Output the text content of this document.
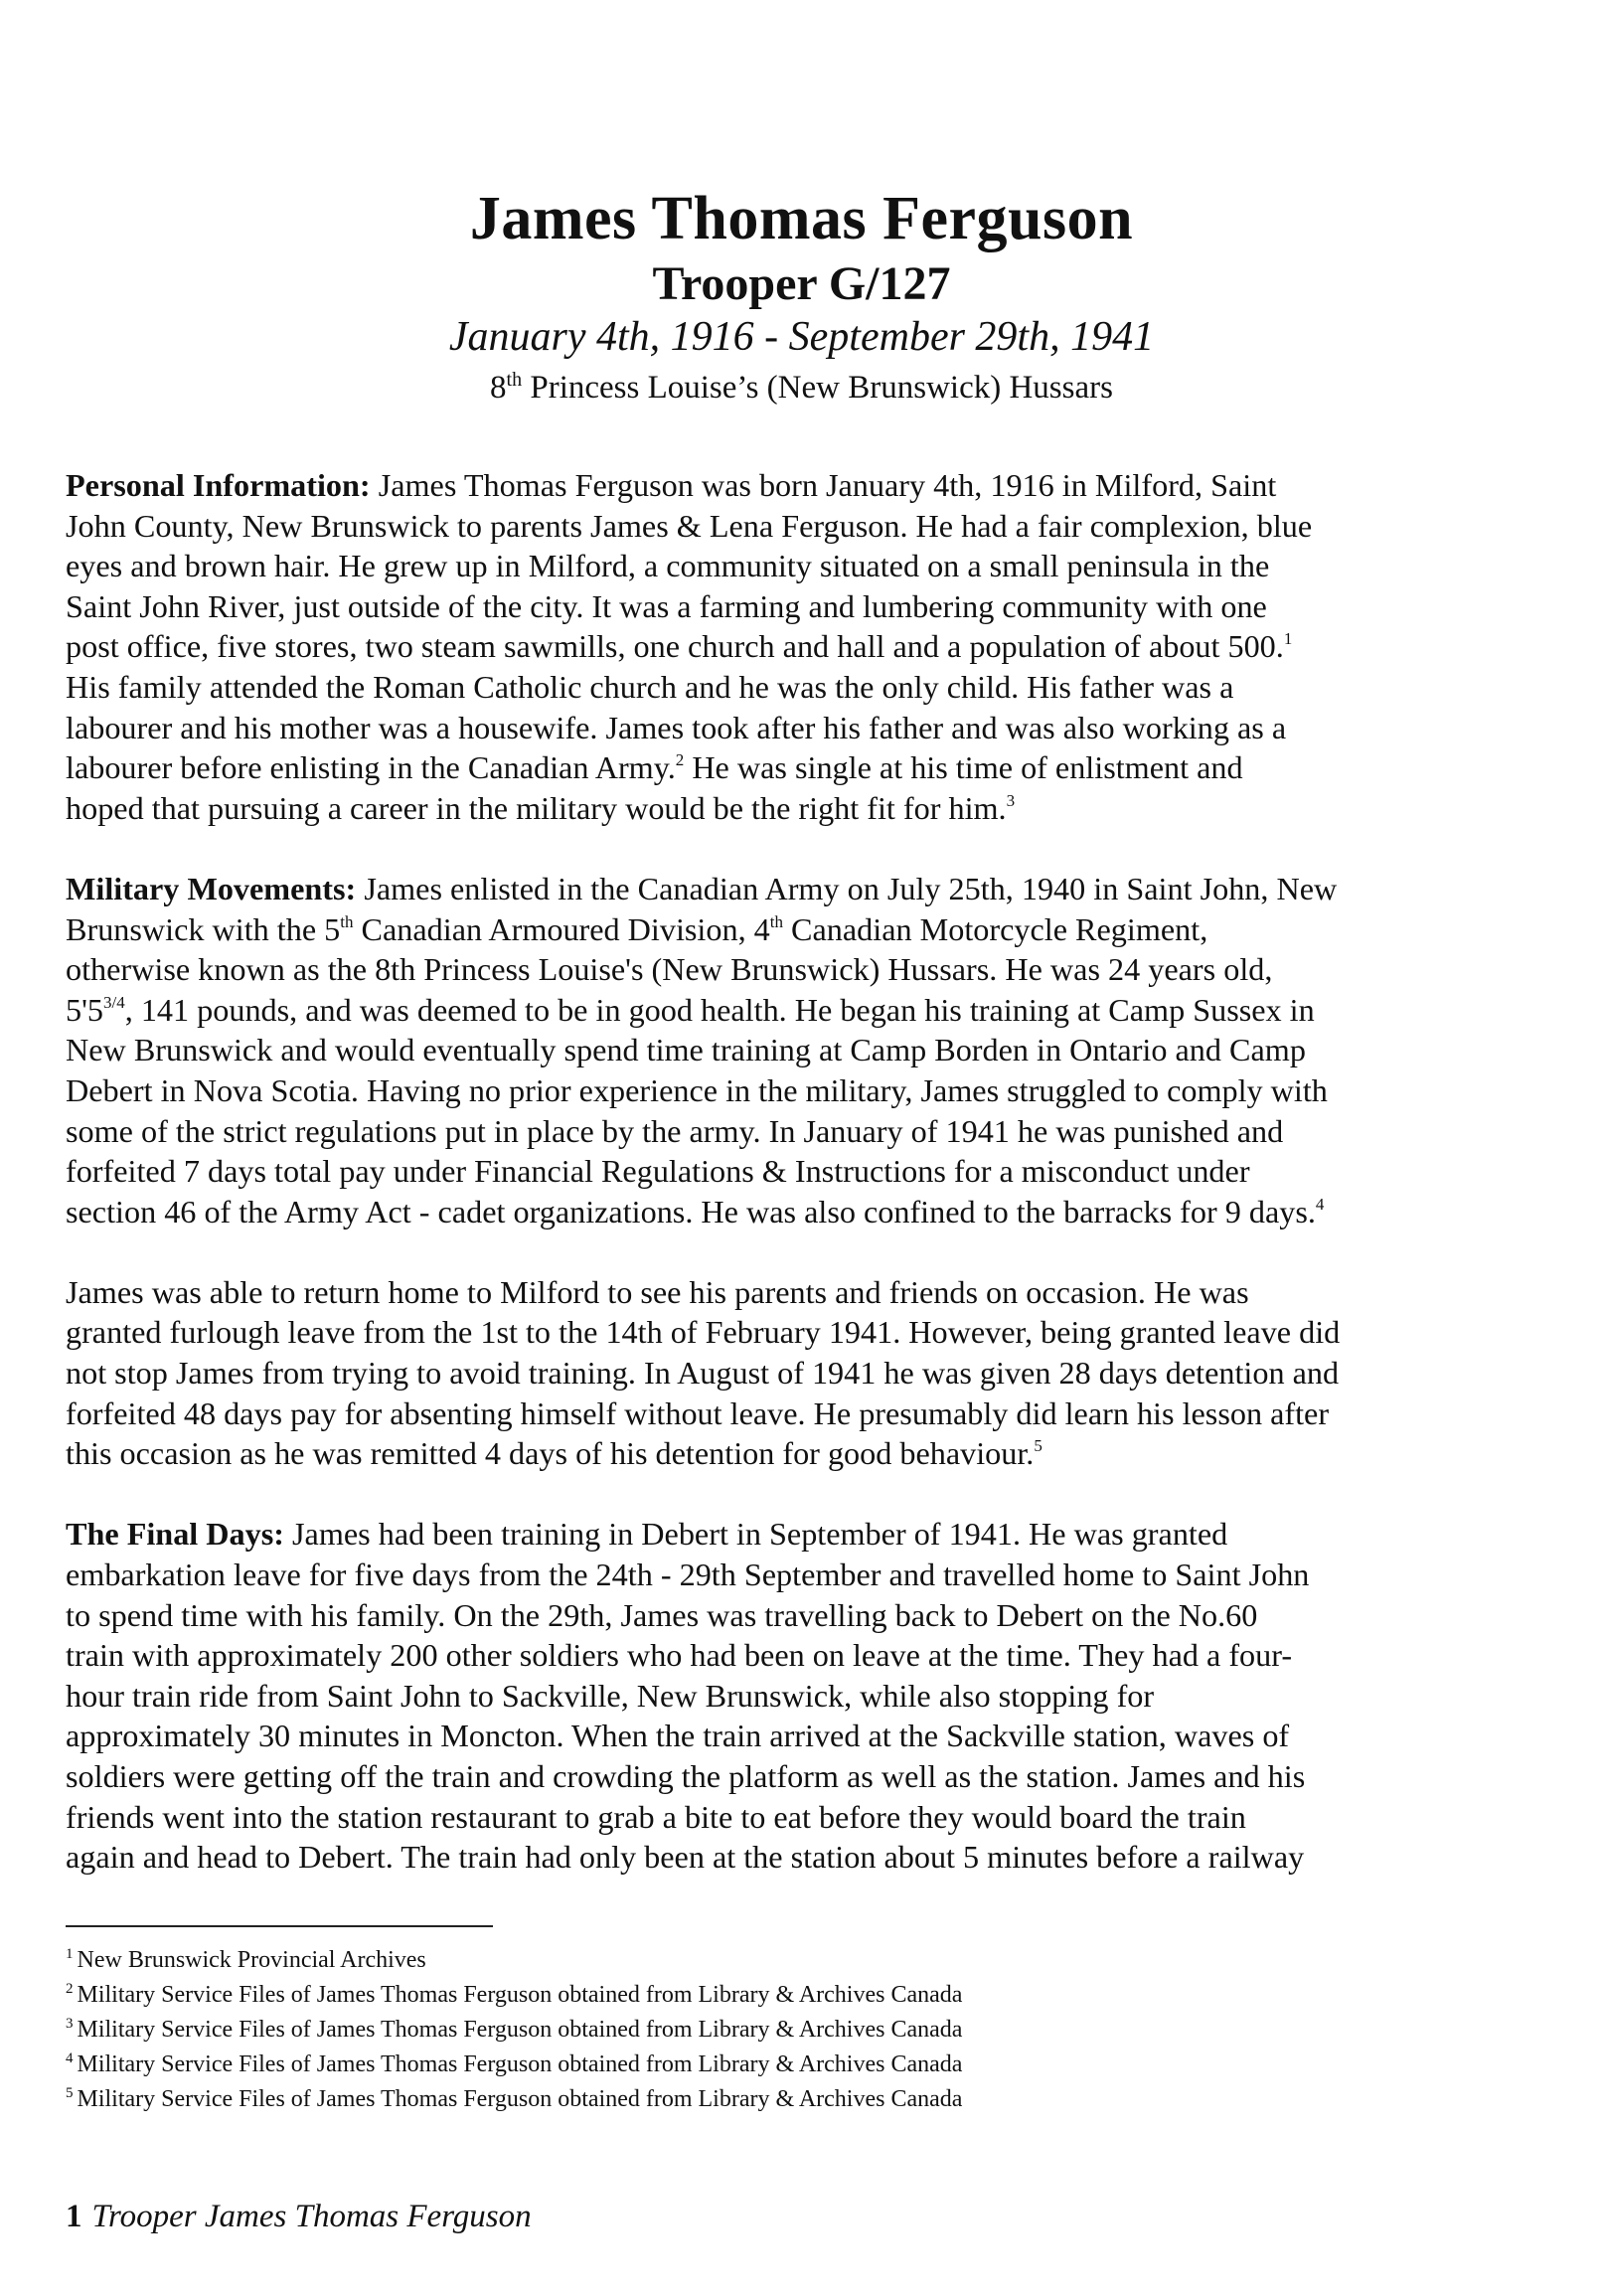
James Thomas Ferguson
Trooper G/127
January 4th, 1916 - September 29th, 1941
8th Princess Louise’s (New Brunswick) Hussars

Personal Information: James Thomas Ferguson was born January 4th, 1916 in Milford, Saint
John County, New Brunswick to parents James & Lena Ferguson. He had a fair complexion, blue
eyes and brown hair. He grew up in Milford, a community situated on a small peninsula in the
Saint John River, just outside of the city. It was a farming and lumbering community with one
post office, five stores, two steam sawmills, one church and hall and a population of about 500.$^1$
His family attended the Roman Catholic church and he was the only child. His father was a
labourer and his mother was a housewife. James took after his father and was also working as a
labourer before enlisting in the Canadian Army.$^2$ He was single at his time of enlistment and
hoped that pursuing a career in the military would be the right fit for him.$^3$

Military Movements: James enlisted in the Canadian Army on July 25th, 1940 in Saint John, New
Brunswick with the 5th Canadian Armoured Division, 4th Canadian Motorcycle Regiment,
otherwise known as the 8th Princess Louise's (New Brunswick) Hussars. He was 24 years old,
$5'5^{3/4}$, 141 pounds, and was deemed to be in good health. He began his training at Camp Sussex in
New Brunswick and would eventually spend time training at Camp Borden in Ontario and Camp
Debert in Nova Scotia. Having no prior experience in the military, James struggled to comply with
some of the strict regulations put in place by the army. In January of 1941 he was punished and
forfeited 7 days total pay under Financial Regulations & Instructions for a misconduct under
section 46 of the Army Act - cadet organizations. He was also confined to the barracks for 9 days.$^4$

James was able to return home to Milford to see his parents and friends on occasion. He was
granted furlough leave from the 1st to the 14th of February 1941. However, being granted leave did
not stop James from trying to avoid training. In August of 1941 he was given 28 days detention and
forfeited 48 days pay for absenting himself without leave. He presumably did learn his lesson after
this occasion as he was remitted 4 days of his detention for good behaviour.$^5$

The Final Days: James had been training in Debert in September of 1941. He was granted
embarkation leave for five days from the 24th - 29th September and travelled home to Saint John
to spend time with his family. On the 29th, James was travelling back to Debert on the No.60
train with approximately 200 other soldiers who had been on leave at the time. They had a four-
hour train ride from Saint John to Sackville, New Brunswick, while also stopping for
approximately 30 minutes in Moncton. When the train arrived at the Sackville station, waves of
soldiers were getting off the train and crowding the platform as well as the station. James and his
friends went into the station restaurant to grab a bite to eat before they would board the train
again and head to Debert. The train had only been at the station about 5 minutes before a railway

$^1$ New Brunswick Provincial Archives
$^2$ Military Service Files of James Thomas Ferguson obtained from Library & Archives Canada
$^3$ Military Service Files of James Thomas Ferguson obtained from Library & Archives Canada
$^4$ Military Service Files of James Thomas Ferguson obtained from Library & Archives Canada
$^5$ Military Service Files of James Thomas Ferguson obtained from Library & Archives Canada
1 Trooper James Thomas Ferguson
